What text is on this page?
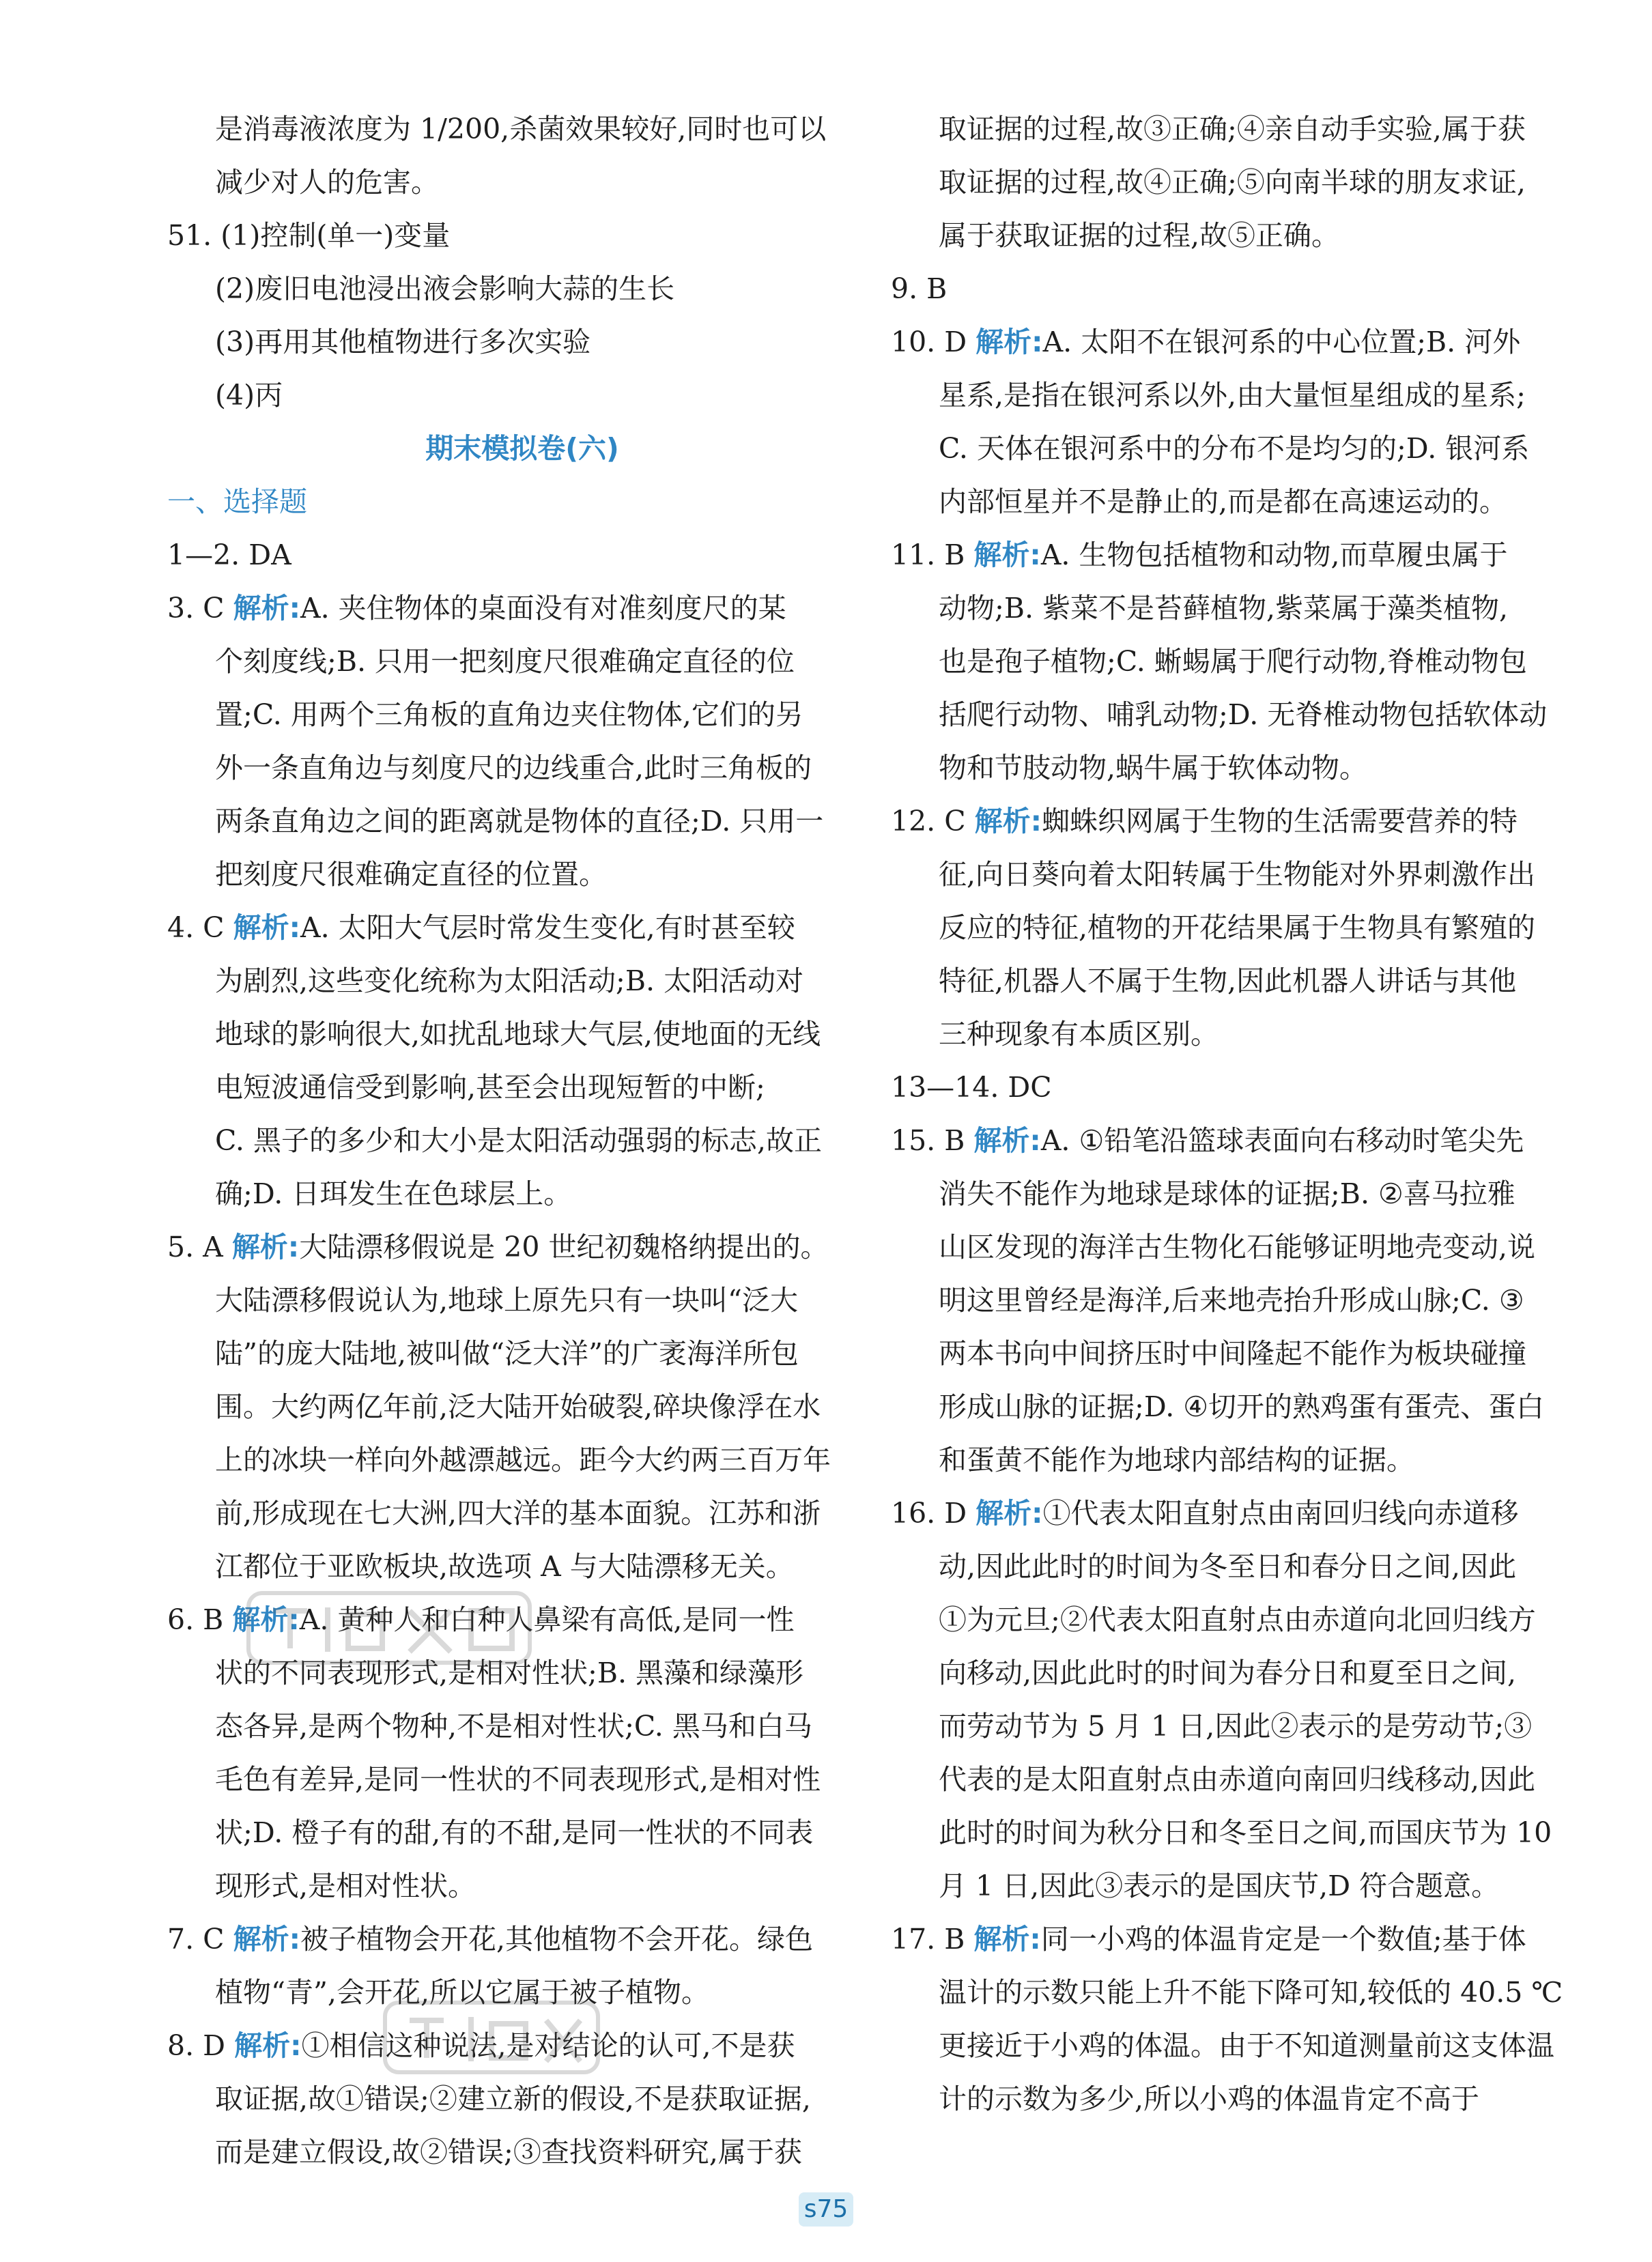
是消毒液浓度为 1/200,杀菌效果较好,同时也可以
减少对人的危害。
51. (1)控制(单一)变量
(2)废旧电池浸出液会影响大蒜的生长
(3)再用其他植物进行多次实验
(4)丙
期末模拟卷(六)
一、选择题
1—2. DA
3. C 解析:A. 夹住物体的桌面没有对准刻度尺的某
个刻度线;B. 只用一把刻度尺很难确定直径的位
置;C. 用两个三角板的直角边夹住物体,它们的另
外一条直角边与刻度尺的边线重合,此时三角板的
两条直角边之间的距离就是物体的直径;D. 只用一
把刻度尺很难确定直径的位置。
4. C 解析:A. 太阳大气层时常发生变化,有时甚至较
为剧烈,这些变化统称为太阳活动;B. 太阳活动对
地球的影响很大,如扰乱地球大气层,使地面的无线
电短波通信受到影响,甚至会出现短暂的中断;
C. 黑子的多少和大小是太阳活动强弱的标志,故正
确;D. 日珥发生在色球层上。
5. A 解析:大陆漂移假说是 20 世纪初魏格纳提出的。
大陆漂移假说认为,地球上原先只有一块叫“泛大
陆”的庞大陆地,被叫做“泛大洋”的广袤海洋所包
围。大约两亿年前,泛大陆开始破裂,碎块像浮在水
上的冰块一样向外越漂越远。距今大约两三百万年
前,形成现在七大洲,四大洋的基本面貌。江苏和浙
江都位于亚欧板块,故选项 A 与大陆漂移无关。
6. B 解析:A. 黄种人和白种人鼻梁有高低,是同一性
状的不同表现形式,是相对性状;B. 黑藻和绿藻形
态各异,是两个物种,不是相对性状;C. 黑马和白马
毛色有差异,是同一性状的不同表现形式,是相对性
状;D. 橙子有的甜,有的不甜,是同一性状的不同表
现形式,是相对性状。
7. C 解析:被子植物会开花,其他植物不会开花。绿色
植物“青”,会开花,所以它属于被子植物。
8. D 解析:①相信这种说法,是对结论的认可,不是获
取证据,故①错误;②建立新的假设,不是获取证据,
而是建立假设,故②错误;③查找资料研究,属于获
取证据的过程,故③正确;④亲自动手实验,属于获
取证据的过程,故④正确;⑤向南半球的朋友求证,
属于获取证据的过程,故⑤正确。
9. B
10. D 解析:A. 太阳不在银河系的中心位置;B. 河外
星系,是指在银河系以外,由大量恒星组成的星系;
C. 天体在银河系中的分布不是均匀的;D. 银河系
内部恒星并不是静止的,而是都在高速运动的。
11. B 解析:A. 生物包括植物和动物,而草履虫属于
动物;B. 紫菜不是苔藓植物,紫菜属于藻类植物,
也是孢子植物;C. 蜥蜴属于爬行动物,脊椎动物包
括爬行动物、哺乳动物;D. 无脊椎动物包括软体动
物和节肢动物,蜗牛属于软体动物。
12. C 解析:蜘蛛织网属于生物的生活需要营养的特
征,向日葵向着太阳转属于生物能对外界刺激作出
反应的特征,植物的开花结果属于生物具有繁殖的
特征,机器人不属于生物,因此机器人讲话与其他
三种现象有本质区别。
13—14. DC
15. B 解析:A. ①铅笔沿篮球表面向右移动时笔尖先
消失不能作为地球是球体的证据;B. ②喜马拉雅
山区发现的海洋古生物化石能够证明地壳变动,说
明这里曾经是海洋,后来地壳抬升形成山脉;C. ③
两本书向中间挤压时中间隆起不能作为板块碰撞
形成山脉的证据;D. ④切开的熟鸡蛋有蛋壳、蛋白
和蛋黄不能作为地球内部结构的证据。
16. D 解析:①代表太阳直射点由南回归线向赤道移
动,因此此时的时间为冬至日和春分日之间,因此
①为元旦;②代表太阳直射点由赤道向北回归线方
向移动,因此此时的时间为春分日和夏至日之间,
而劳动节为 5 月 1 日,因此②表示的是劳动节;③
代表的是太阳直射点由赤道向南回归线移动,因此
此时的时间为秋分日和冬至日之间,而国庆节为 10
月 1 日,因此③表示的是国庆节,D 符合题意。
17. B 解析:同一小鸡的体温肯定是一个数值;基于体
温计的示数只能上升不能下降可知,较低的 40.5 ℃
更接近于小鸡的体温。由于不知道测量前这支体温
计的示数为多少,所以小鸡的体温肯定不高于
s75
